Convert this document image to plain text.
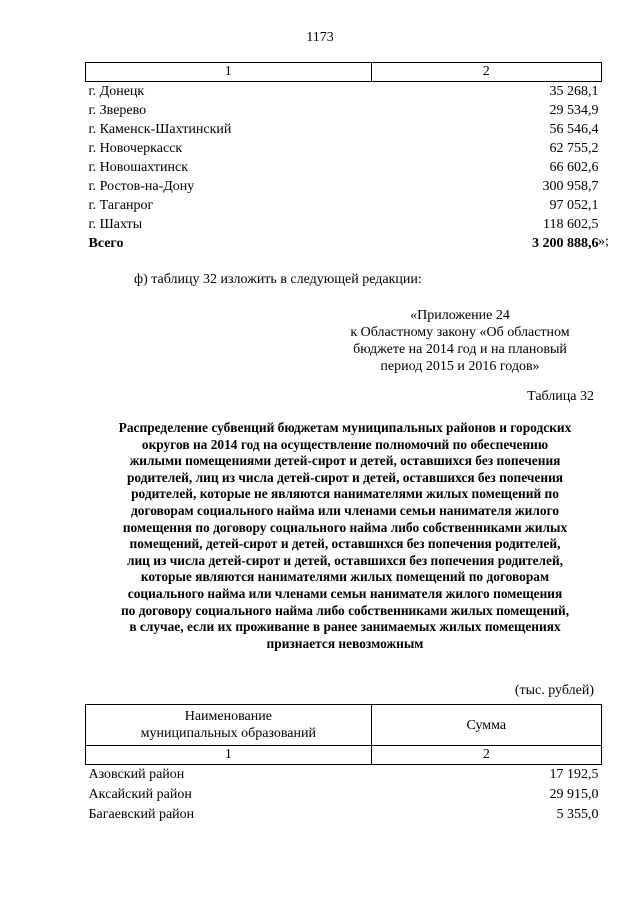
1173
1	2
г. Донецк	35 268,1
г. Зверево	29 534,9
г. Каменск-Шахтинский	56 546,4
г. Новочеркасск	62 755,2
г. Новошахтинск	66 602,6
г. Ростов-на-Дону	300 958,7
г. Таганрог	97 052,1
г. Шахты	118 602,5
Всего	3 200 888,6 »;
ф) таблицу 32 изложить в следующей редакции:
«Приложение 24
к Областному закону «Об областном
бюджете на 2014 год и на плановый
период 2015 и 2016 годов»
Таблица 32
Распределение субвенций бюджетам муниципальных районов и городских
округов на 2014 год на осуществление полномочий по обеспечению
жилыми помещениями детей-сирот и детей, оставшихся без попечения
родителей, лиц из числа детей-сирот и детей, оставшихся без попечения
родителей, которые не являются нанимателями жилых помещений по
договорам социального найма или членами семьи нанимателя жилого
помещения по договору социального найма либо собственниками жилых
помещений, детей-сирот и детей, оставшихся без попечения родителей,
лиц из числа детей-сирот и детей, оставшихся без попечения родителей,
которые являются нанимателями жилых помещений по договорам
социального найма или членами семьи нанимателя жилого помещения
по договору социального найма либо собственниками жилых помещений,
в случае, если их проживание в ранее занимаемых жилых помещениях
признается невозможным
(тыс. рублей)
Наименование муниципальных образований	Сумма
1	2
Азовский район	17 192,5
Аксайский район	29 915,0
Багаевский район	5 355,0
